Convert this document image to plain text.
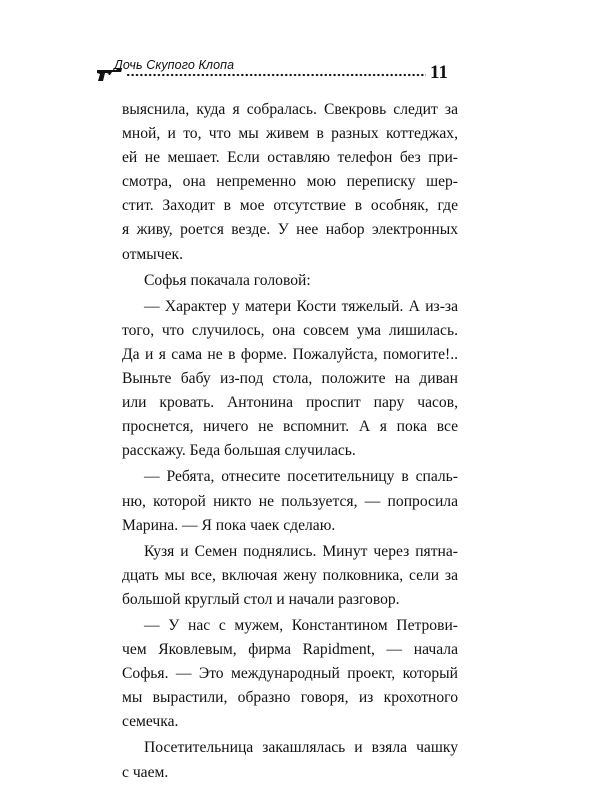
Дочь Скупого Клопа	11

выяснила, куда я собралась. Свекровь следит за

мной, и то, что мы живем в разных коттеджах,

ей не мешает. Если оставляю телефон без при-

смотра, она непременно мою переписку шер-

стит. Заходит в мое отсутствие в особняк, где

я живу, роется везде. У нее набор электронных

отмычек.

Софья покачала головой:

— Характер у матери Кости тяжелый. А из-за

того, что случилось, она совсем ума лишилась.

Да и я сама не в форме. Пожалуйста, помогите!..

Выньте бабу из-под стола, положите на диван

или кровать. Антонина проспит пару часов,

проснется, ничего не вспомнит. А я пока все

расскажу. Беда большая случилась.

— Ребята, отнесите посетительницу в спаль-

ню, которой никто не пользуется, — попросила

Марина. — Я пока чаек сделаю.

Кузя и Семен поднялись. Минут через пятна-

дцать мы все, включая жену полковника, сели за

большой круглый стол и начали разговор.

— У нас с мужем, Константином Петрови-

чем Яковлевым, фирма Rapidment, — начала

Софья. — Это международный проект, который

мы вырастили, образно говоря, из крохотного

семечка.

Посетительница закашлялась и взяла чашку

с чаем.
